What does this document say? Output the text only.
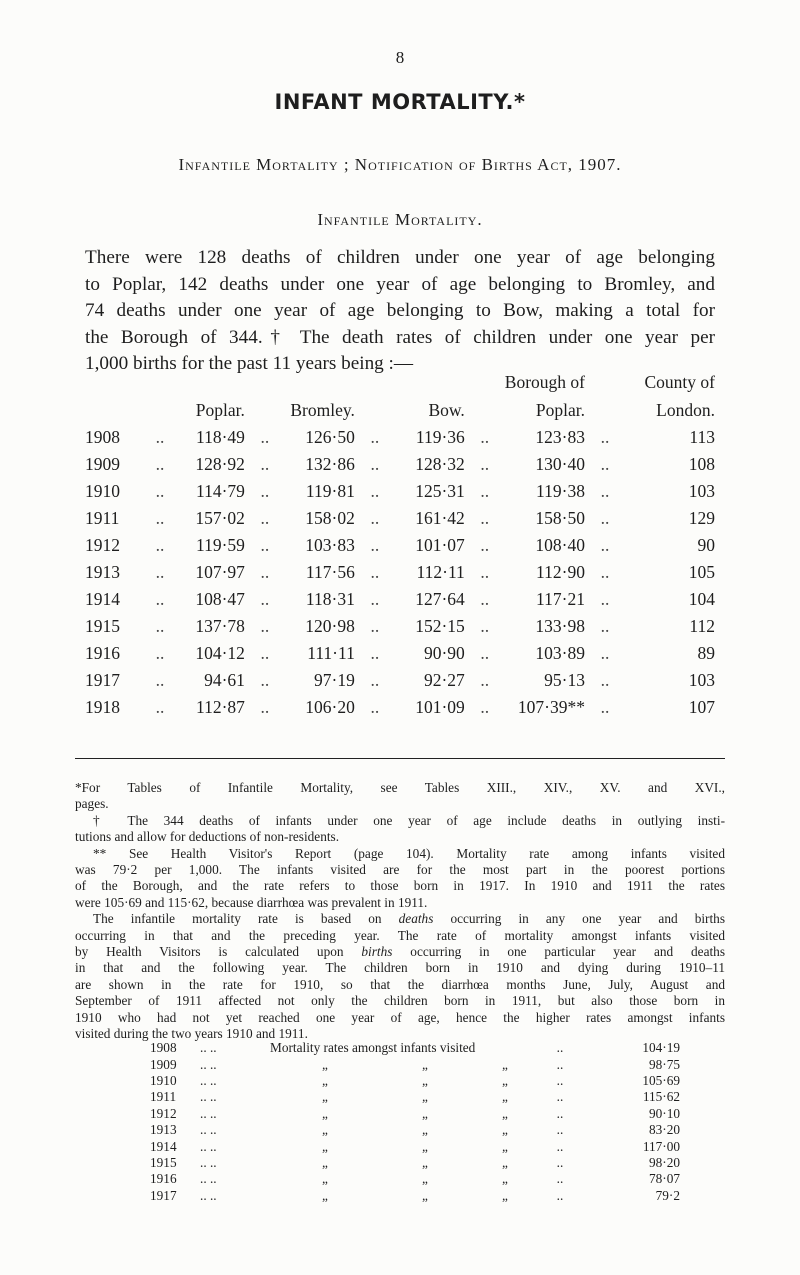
8
INFANT MORTALITY.*
Infantile Mortality ; Notification of Births Act, 1907.
Infantile Mortality.
There were 128 deaths of children under one year of age belonging
to Poplar, 142 deaths under one year of age belonging to Bromley, and
74 deaths under one year of age belonging to Bow, making a total for
the Borough of 344.† The death rates of children under one year per
1,000 births for the past 11 years being :—
								Borough of		County of
		Poplar.		Bromley.		Bow.		Poplar.		London.
1908	..	118·49	..	126·50	..	119·36	..	123·83	..	113
1909	..	128·92	..	132·86	..	128·32	..	130·40	..	108
1910	..	114·79	..	119·81	..	125·31	..	119·38	..	103
1911	..	157·02	..	158·02	..	161·42	..	158·50	..	129
1912	..	119·59	..	103·83	..	101·07	..	108·40	..	90
1913	..	107·97	..	117·56	..	112·11	..	112·90	..	105
1914	..	108·47	..	118·31	..	127·64	..	117·21	..	104
1915	..	137·78	..	120·98	..	152·15	..	133·98	..	112
1916	..	104·12	..	111·11	..	90·90	..	103·89	..	89
1917	..	94·61	..	97·19	..	92·27	..	95·13	..	103
1918	..	112·87	..	106·20	..	101·09	..	107·39**	..	107

*For Tables of Infantile Mortality, see Tables XIII., XIV., XV. and XVI.,
pages.

† The 344 deaths of infants under one year of age include deaths in outlying insti-
tutions and allow for deductions of non-residents.

** See Health Visitor's Report (page 104). Mortality rate among infants visited
was 79·2 per 1,000. The infants visited are for the most part in the poorest portions
of the Borough, and the rate refers to those born in 1917. In 1910 and 1911 the rates
were 105·69 and 115·62, because diarrhœa was prevalent in 1911.

The infantile mortality rate is based on deaths occurring in any one year and births
occurring in that and the preceding year. The rate of mortality amongst infants visited
by Health Visitors is calculated upon births occurring in one particular year and deaths
in that and the following year. The children born in 1910 and dying during 1910–11
are shown in the rate for 1910, so that the diarrhœa months June, July, August and
September of 1911 affected not only the children born in 1911, but also those born in
1910 who had not yet reached one year of age, hence the higher rates amongst infants
visited during the two years 1910 and 1911.

1908	.. ..	Mortality rates amongst infants visited			..	104·19
1909	.. ..	„	„	„	..	98·75
1910	.. ..	„	„	„	..	105·69
1911	.. ..	„	„	„	..	115·62
1912	.. ..	„	„	„	..	90·10
1913	.. ..	„	„	„	..	83·20
1914	.. ..	„	„	„	..	117·00
1915	.. ..	„	„	„	..	98·20
1916	.. ..	„	„	„	..	78·07
1917	.. ..	„	„	„	..	79·2
